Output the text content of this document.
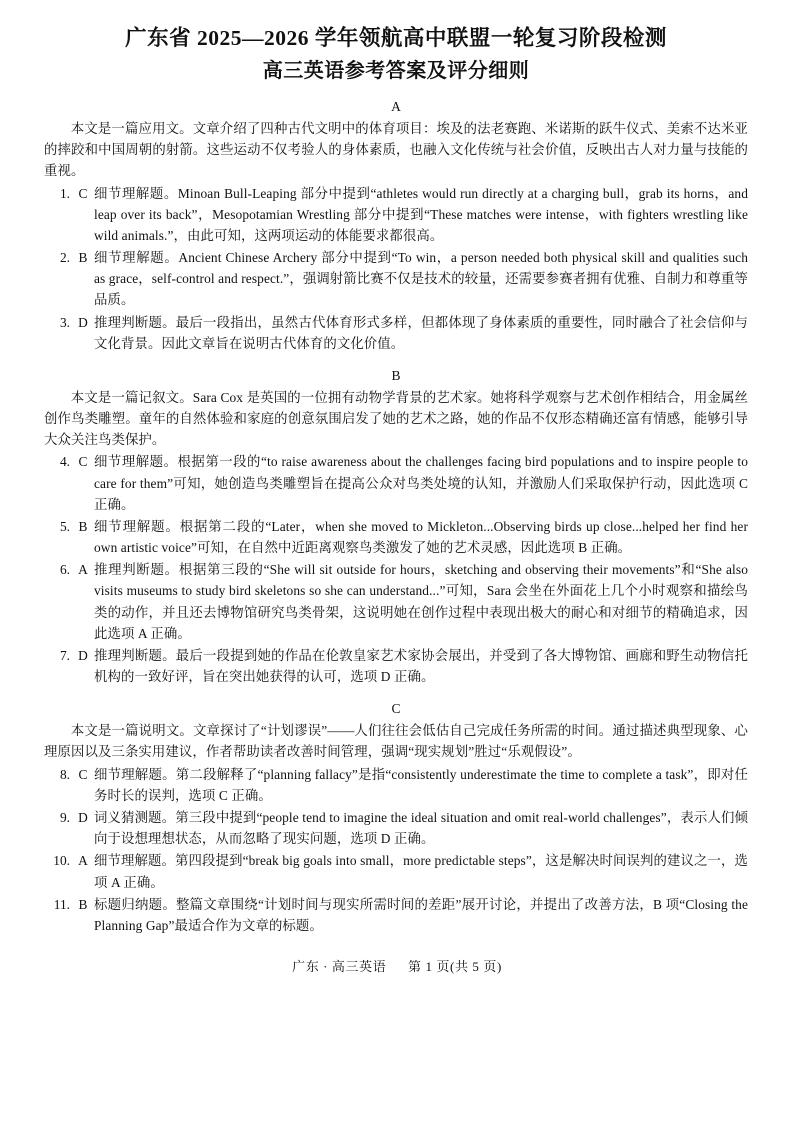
广东省 2025—2026 学年领航高中联盟一轮复习阶段检测
高三英语参考答案及评分细则
A

本文是一篇应用文。文章介绍了四种古代文明中的体育项目：埃及的法老赛跑、米诺斯的跃牛仪式、美索不达米亚的摔跤和中国周朝的射箭。这些运动不仅考验人的身体素质，也融入文化传统与社会价值，反映出古人对力量与技能的重视。

1. C 细节理解题。Minoan Bull-Leaping 部分中提到“athletes would run directly at a charging bull，grab its horns，and leap over its back”，Mesopotamian Wrestling 部分中提到“These matches were intense，with fighters wrestling like wild animals.”，由此可知，这两项运动的体能要求都很高。
2. B 细节理解题。Ancient Chinese Archery 部分中提到“To win，a person needed both physical skill and qualities such as grace，self-control and respect.”，强调射箭比赛不仅是技术的较量，还需要参赛者拥有优雅、自制力和尊重等品质。
3. D 推理判断题。最后一段指出，虽然古代体育形式多样，但都体现了身体素质的重要性，同时融合了社会信仰与文化背景。因此文章旨在说明古代体育的文化价值。
B

本文是一篇记叙文。Sara Cox 是英国的一位拥有动物学背景的艺术家。她将科学观察与艺术创作相结合，用金属丝创作鸟类雕塑。童年的自然体验和家庭的创意氛围启发了她的艺术之路，她的作品不仅形态精确还富有情感，能够引导大众关注鸟类保护。

4. C 细节理解题。根据第一段的“to raise awareness about the challenges facing bird populations and to inspire people to care for them”可知，她创造鸟类雕塑旨在提高公众对鸟类处境的认知，并激励人们采取保护行动，因此选项 C 正确。
5. B 细节理解题。根据第二段的“Later，when she moved to Mickleton...Observing birds up close...helped her find her own artistic voice”可知，在自然中近距离观察鸟类激发了她的艺术灵感，因此选项 B 正确。
6. A 推理判断题。根据第三段的“She will sit outside for hours，sketching and observing their movements”和“She also visits museums to study bird skeletons so she can understand...”可知，Sara 会坐在外面花上几个小时观察和描绘鸟类的动作，并且还去博物馆研究鸟类骨架，这说明她在创作过程中表现出极大的耐心和对细节的精确追求，因此选项 A 正确。
7. D 推理判断题。最后一段提到她的作品在伦敦皇家艺术家协会展出，并受到了各大博物馆、画廊和野生动物信托机构的一致好评，旨在突出她获得的认可，选项 D 正确。
C

本文是一篇说明文。文章探讨了“计划谬误”——人们往往会低估自己完成任务所需的时间。通过描述典型现象、心理原因以及三条实用建议，作者帮助读者改善时间管理，强调“现实规划”胜过“乐观假设”。

8. C 细节理解题。第二段解释了“planning fallacy”是指“consistently underestimate the time to complete a task”，即对任务时长的误判，选项 C 正确。
9. D 词义猜测题。第三段中提到“people tend to imagine the ideal situation and omit real-world challenges”，表示人们倾向于设想理想状态，从而忽略了现实问题，选项 D 正确。
10. A 细节理解题。第四段提到“break big goals into small，more predictable steps”，这是解决时间误判的建议之一，选项 A 正确。
11. B 标题归纳题。整篇文章围绕“计划时间与现实所需时间的差距”展开讨论，并提出了改善方法，B 项“Closing the Planning Gap”最适合作为文章的标题。
广东 · 高三英语 第 1 页(共 5 页)
